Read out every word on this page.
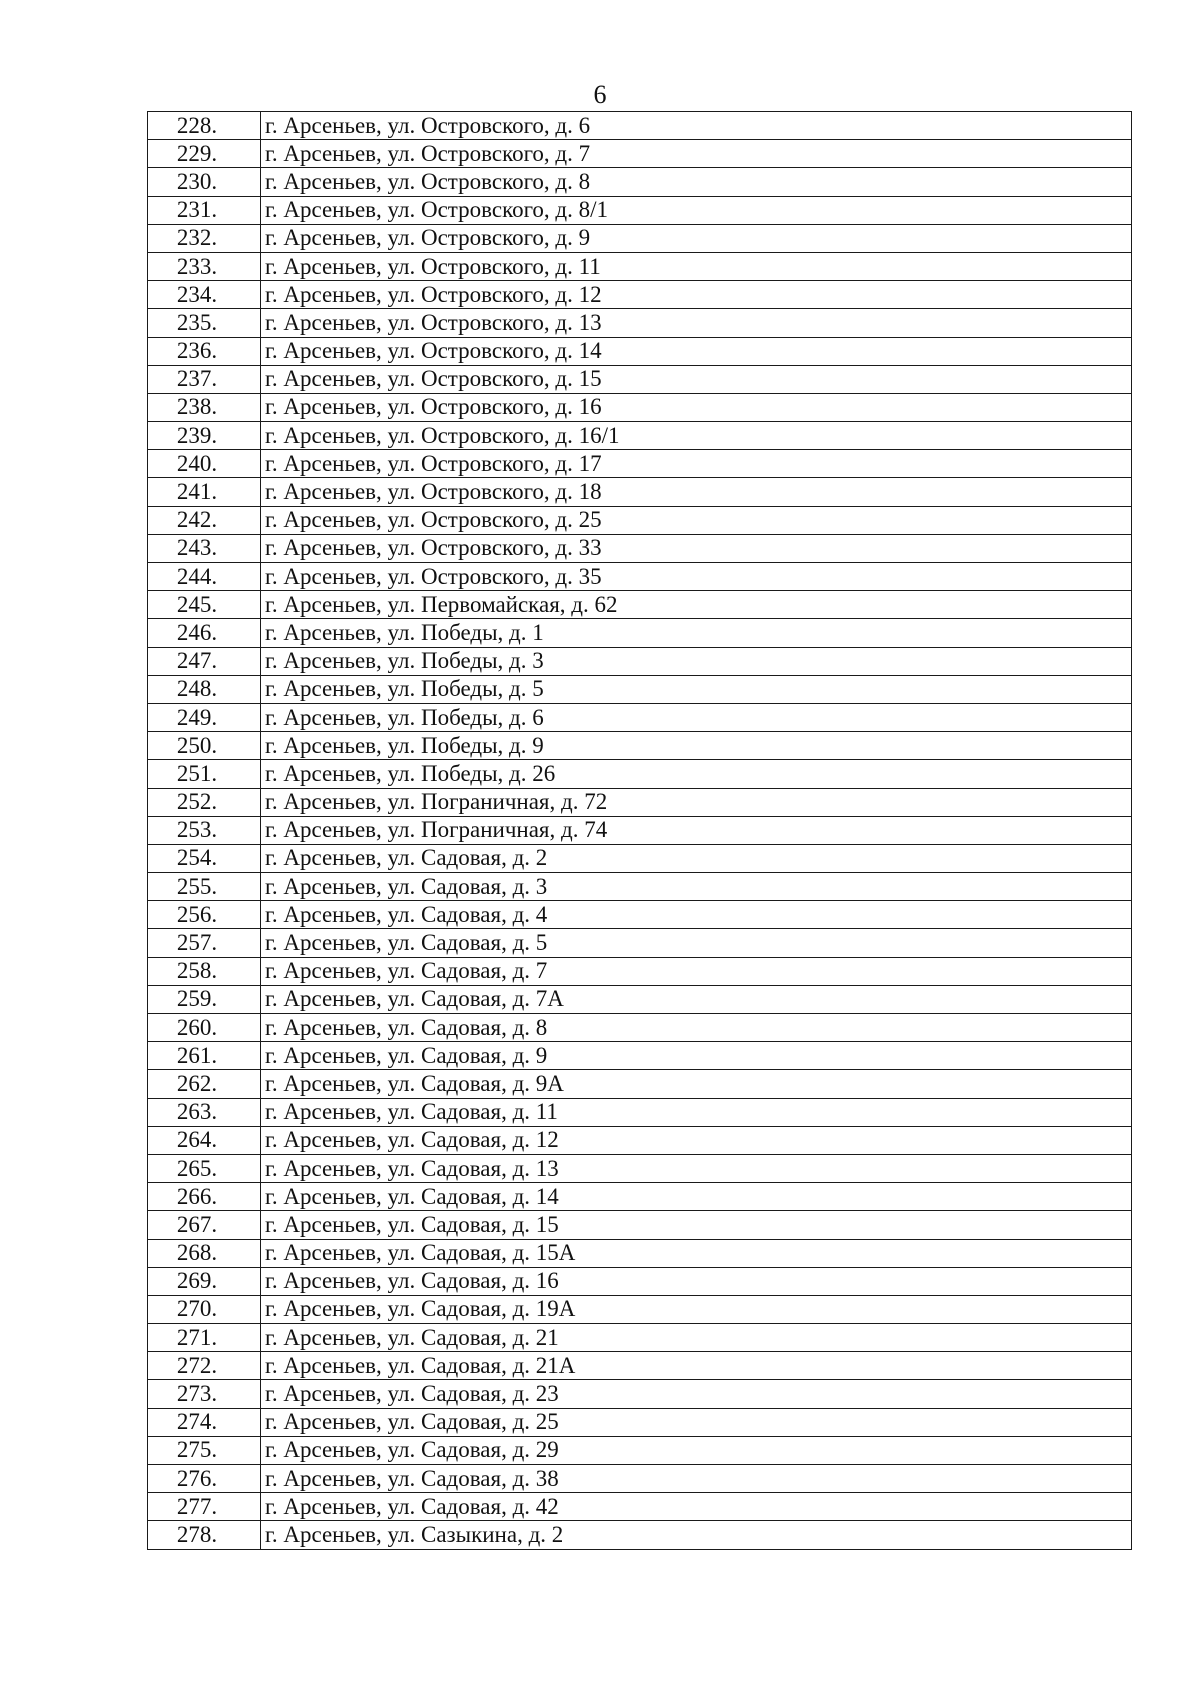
6
228.	г. Арсеньев, ул. Островского, д. 6
229.	г. Арсеньев, ул. Островского, д. 7
230.	г. Арсеньев, ул. Островского, д. 8
231.	г. Арсеньев, ул. Островского, д. 8/1
232.	г. Арсеньев, ул. Островского, д. 9
233.	г. Арсеньев, ул. Островского, д. 11
234.	г. Арсеньев, ул. Островского, д. 12
235.	г. Арсеньев, ул. Островского, д. 13
236.	г. Арсеньев, ул. Островского, д. 14
237.	г. Арсеньев, ул. Островского, д. 15
238.	г. Арсеньев, ул. Островского, д. 16
239.	г. Арсеньев, ул. Островского, д. 16/1
240.	г. Арсеньев, ул. Островского, д. 17
241.	г. Арсеньев, ул. Островского, д. 18
242.	г. Арсеньев, ул. Островского, д. 25
243.	г. Арсеньев, ул. Островского, д. 33
244.	г. Арсеньев, ул. Островского, д. 35
245.	г. Арсеньев, ул. Первомайская, д. 62
246.	г. Арсеньев, ул. Победы, д. 1
247.	г. Арсеньев, ул. Победы, д. 3
248.	г. Арсеньев, ул. Победы, д. 5
249.	г. Арсеньев, ул. Победы, д. 6
250.	г. Арсеньев, ул. Победы, д. 9
251.	г. Арсеньев, ул. Победы, д. 26
252.	г. Арсеньев, ул. Пограничная, д. 72
253.	г. Арсеньев, ул. Пограничная, д. 74
254.	г. Арсеньев, ул. Садовая, д. 2
255.	г. Арсеньев, ул. Садовая, д. 3
256.	г. Арсеньев, ул. Садовая, д. 4
257.	г. Арсеньев, ул. Садовая, д. 5
258.	г. Арсеньев, ул. Садовая, д. 7
259.	г. Арсеньев, ул. Садовая, д. 7А
260.	г. Арсеньев, ул. Садовая, д. 8
261.	г. Арсеньев, ул. Садовая, д. 9
262.	г. Арсеньев, ул. Садовая, д. 9А
263.	г. Арсеньев, ул. Садовая, д. 11
264.	г. Арсеньев, ул. Садовая, д. 12
265.	г. Арсеньев, ул. Садовая, д. 13
266.	г. Арсеньев, ул. Садовая, д. 14
267.	г. Арсеньев, ул. Садовая, д. 15
268.	г. Арсеньев, ул. Садовая, д. 15А
269.	г. Арсеньев, ул. Садовая, д. 16
270.	г. Арсеньев, ул. Садовая, д. 19А
271.	г. Арсеньев, ул. Садовая, д. 21
272.	г. Арсеньев, ул. Садовая, д. 21А
273.	г. Арсеньев, ул. Садовая, д. 23
274.	г. Арсеньев, ул. Садовая, д. 25
275.	г. Арсеньев, ул. Садовая, д. 29
276.	г. Арсеньев, ул. Садовая, д. 38
277.	г. Арсеньев, ул. Садовая, д. 42
278.	г. Арсеньев, ул. Сазыкина, д. 2
